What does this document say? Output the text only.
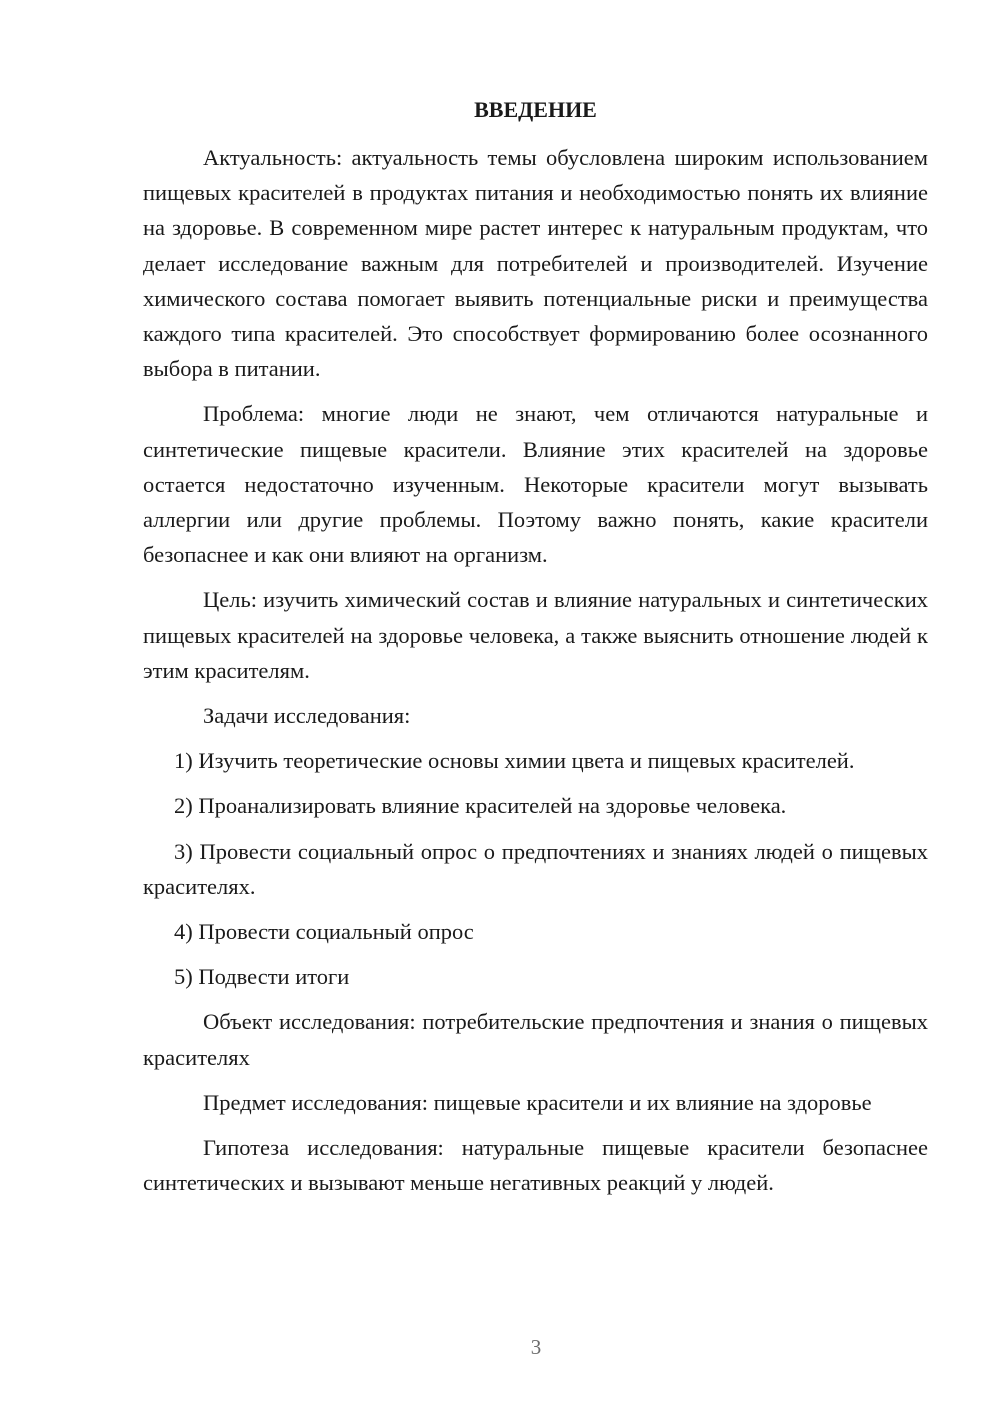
ВВЕДЕНИЕ

Актуальность: актуальность темы обусловлена широким использованием пищевых красителей в продуктах питания и необходимостью понять их влияние на здоровье. В современном мире растет интерес к натуральным продуктам, что делает исследование важным для потребителей и производителей. Изучение химического состава помогает выявить потенциальные риски и преимущества каждого типа красителей. Это способствует формированию более осознанного выбора в питании.

Проблема: многие люди не знают, чем отличаются натуральные и синтетические пищевые красители. Влияние этих красителей на здоровье остается недостаточно изученным. Некоторые красители могут вызывать аллергии или другие проблемы. Поэтому важно понять, какие красители безопаснее и как они влияют на организм.

Цель: изучить химический состав и влияние натуральных и синтетических пищевых красителей на здоровье человека, а также выяснить отношение людей к этим красителям.

Задачи исследования:

1) Изучить теоретические основы химии цвета и пищевых красителей.

2) Проанализировать влияние красителей на здоровье человека.

3) Провести социальный опрос о предпочтениях и знаниях людей о пищевых красителях.

4) Провести социальный опрос

5) Подвести итоги

Объект исследования: потребительские предпочтения и знания о пищевых красителях

Предмет исследования: пищевые красители и их влияние на здоровье

Гипотеза исследования: натуральные пищевые красители безопаснее синтетических и вызывают меньше негативных реакций у людей.

3
